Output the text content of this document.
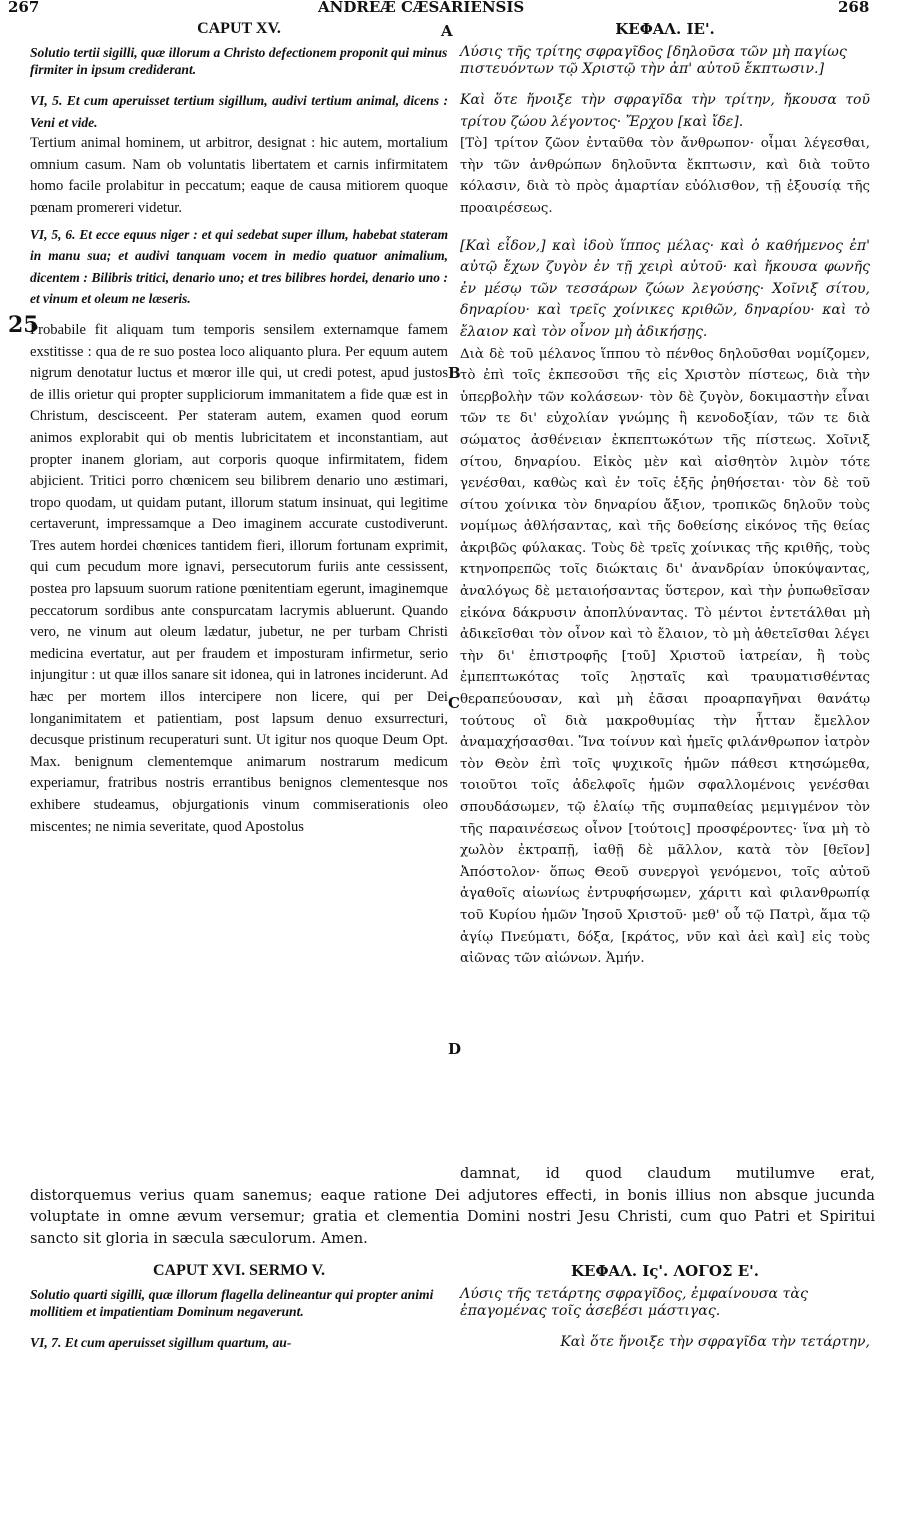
267	ANDREÆ CÆSARIENSIS	268
A
B
C
D
25
CAPUT XV.
Solutio tertii sigilli, quæ illorum a Christo defectionem proponit qui minus firmiter in ipsum crediderant.

VI, 5. Et cum aperuisset tertium sigillum, audivi tertium animal, dicens : Veni et vide.

Tertium animal hominem, ut arbitror, designat : hic autem, mortalium omnium casum. Nam ob voluntatis libertatem et carnis infirmitatem homo facile prolabitur in peccatum; eaque de causa mitiorem quoque pœnam promereri videtur.

VI, 5, 6. Et ecce equus niger : et qui sedebat super illum, habebat stateram in manu sua; et audivi tanquam vocem in medio quatuor animalium, dicentem : Bilibris tritici, denario uno; et tres bilibres hordei, denario uno : et vinum et oleum ne læseris.

Probabile fit aliquam tum temporis sensilem externamque famem exstitisse : qua de re suo postea loco aliquanto plura. Per equum autem nigrum denotatur luctus et mœror ille qui, ut credi potest, apud justos de illis orietur qui propter suppliciorum immanitatem a fide quæ est in Christum, descisceent. Per stateram autem, examen quod eorum animos explorabit qui ob mentis lubricitatem et inconstantiam, aut propter inanem gloriam, aut corporis quoque infirmitatem, fidem abjicient. Tritici porro chœnicem seu bilibrem denario uno æstimari, tropo quodam, ut quidam putant, illorum statum insinuat, qui legitime certaverunt, impressamque a Deo imaginem accurate custodiverunt. Tres autem hordei chœnices tantidem fieri, illorum fortunam exprimit, qui cum pecudum more ignavi, persecutorum furiis ante cessissent, postea pro lapsuum suorum ratione pœnitentiam egerunt, imaginemque peccatorum sordibus ante conspurcatam lacrymis abluerunt. Quando vero, ne vinum aut oleum lædatur, jubetur, ne per turbam Christi medicina evertatur, aut per fraudem et imposturam infirmetur, serio injungitur : ut quæ illos sanare sit idonea, qui in latrones inciderunt. Ad hæc per mortem illos intercipere non licere, qui per Dei longanimitatem et patientiam, post lapsum denuo exsurrecturi, decusque pristinum recuperaturi sunt. Ut igitur nos quoque Deum Opt. Max. benignum clementemque animarum nostrarum medicum experiamur, fratribus nostris errantibus benignos clementesque nos exhibere studeamus, objurgationis vinum commiserationis oleo miscentes; ne nimia severitate, quod Apostolus

ΚΕΦΑΛ. ΙΕ'.
Λύσις τῆς τρίτης σφραγῖδος [δηλοῦσα τῶν μὴ παγίως πιστευόντων τῷ Χριστῷ τὴν ἀπ' αὐτοῦ ἔκπτωσιν.]

Καὶ ὅτε ἤνοιξε τὴν σφραγῖδα τὴν τρίτην, ἤκουσα τοῦ τρίτου ζώου λέγοντος· Ἔρχου [καὶ ἴδε].

[Τὸ] τρίτον ζῶον ἐνταῦθα τὸν ἄνθρωπον· οἶμαι λέγεσθαι, τὴν τῶν ἀνθρώπων δηλοῦντα ἔκπτωσιν, καὶ διὰ τοῦτο κόλασιν, διὰ τὸ πρὸς ἁμαρτίαν εὐόλισθον, τῇ ἐξουσίᾳ τῆς προαιρέσεως.

[Καὶ εἶδον,] καὶ ἰδοὺ ἵππος μέλας· καὶ ὁ καθήμενος ἐπ' αὐτῷ ἔχων ζυγὸν ἐν τῇ χειρὶ αὐτοῦ· καὶ ἤκουσα φωνῆς ἐν μέσῳ τῶν τεσσάρων ζώων λεγούσης· Χοῖνιξ σίτου, δηναρίου· καὶ τρεῖς χοίνικες κριθῶν, δηναρίου· καὶ τὸ ἔλαιον καὶ τὸν οἶνον μὴ ἀδικήσῃς.

Διὰ δὲ τοῦ μέλανος ἵππου τὸ πένθος δηλοῦσθαι νομίζομεν, τὸ ἐπὶ τοῖς ἐκπεσοῦσι τῆς εἰς Χριστὸν πίστεως, διὰ τὴν ὑπερβολὴν τῶν κολάσεων· τὸν δὲ ζυγὸν, δοκιμαστὴν εἶναι τῶν τε δι' εὐχολίαν γνώμης ἢ κενοδοξίαν, τῶν τε διὰ σώματος ἀσθένειαν ἐκπεπτωκότων τῆς πίστεως. Χοῖνιξ σίτου, δηναρίου. Εἰκὸς μὲν καὶ αἰσθητὸν λιμὸν τότε γενέσθαι, καθὼς καὶ ἐν τοῖς ἑξῆς ῥηθήσεται· τὸν δὲ τοῦ σίτου χοίνικα τὸν δηναρίου ἄξιον, τροπικῶς δηλοῦν τοὺς νομίμως ἀθλήσαντας, καὶ τῆς δοθείσης εἰκόνος τῆς θείας ἀκριβῶς φύλακας. Τοὺς δὲ τρεῖς χοίνικας τῆς κριθῆς, τοὺς κτηνοπρεπῶς τοῖς διώκταις δι' ἀνανδρίαν ὑποκύψαντας, ἀναλόγως δὲ μεταιοήσαντας ὕστερον, καὶ τὴν ῥυπωθεῖσαν εἰκόνα δάκρυσιν ἀποπλύναντας. Τὸ μέντοι ἐντετάλθαι μὴ ἀδικεῖσθαι τὸν οἶνον καὶ τὸ ἔλαιον, τὸ μὴ ἀθετεῖσθαι λέγει τὴν δι' ἐπιστροφῆς [τοῦ] Χριστοῦ ἰατρείαν, ἢ τοὺς ἐμπεπτωκότας τοῖς λῃσταῖς καὶ τραυματισθέντας θεραπεύουσαν, καὶ μὴ ἐᾶσαι προαρπαγῆναι θανάτῳ τούτους οἳ διὰ μακροθυμίας τὴν ἧτταν ἔμελλον ἀναμαχήσασθαι. Ἵνα τοίνυν καὶ ἡμεῖς φιλάνθρωπον ἰατρὸν τὸν Θεὸν ἐπὶ τοῖς ψυχικοῖς ἡμῶν πάθεσι κτησώμεθα, τοιοῦτοι τοῖς ἀδελφοῖς ἡμῶν σφαλλομένοις γενέσθαι σπουδάσωμεν, τῷ ἐλαίῳ τῆς συμπαθείας μεμιγμένον τὸν τῆς παραινέσεως οἶνον [τούτοις] προσφέροντες· ἵνα μὴ τὸ χωλὸν ἐκτραπῇ, ἰαθῇ δὲ μᾶλλον, κατὰ τὸν [θεῖον] Ἀπόστολον· ὅπως Θεοῦ συνεργοὶ γενόμενοι, τοῖς αὐτοῦ ἀγαθοῖς αἰωνίως ἐντρυφήσωμεν, χάριτι καὶ φιλανθρωπίᾳ τοῦ Κυρίου ἡμῶν Ἰησοῦ Χριστοῦ· μεθ' οὗ τῷ Πατρὶ, ἅμα τῷ ἁγίῳ Πνεύματι, δόξα, [κράτος, νῦν καὶ ἀεὶ καὶ] εἰς τοὺς αἰῶνας τῶν αἰώνων. Ἀμήν.

damnat, id quod claudum mutilumve erat, distorquemus verius quam sanemus; eaque ratione Dei adjutores effecti, in bonis illius non absque jucunda voluptate in omne ævum versemur; gratia et clementia Domini nostri Jesu Christi, cum quo Patri et Spiritui sancto sit gloria in sæcula sæculorum. Amen.

CAPUT XVI. SERMO V.
Solutio quarti sigilli, quæ illorum flagella delineantur qui propter animi mollitiem et impatientiam Dominum negaverunt.

VI, 7. Et cum aperuisset sigillum quartum, au-

ΚΕΦΑΛ. Ις'. ΛΟΓΟΣ Ε'.
Λύσις τῆς τετάρτης σφραγῖδος, ἐμφαίνουσα τὰς ἐπαγομένας τοῖς ἀσεβέσι μάστιγας.

Καὶ ὅτε ἤνοιξε τὴν σφραγῖδα τὴν τετάρτην,
